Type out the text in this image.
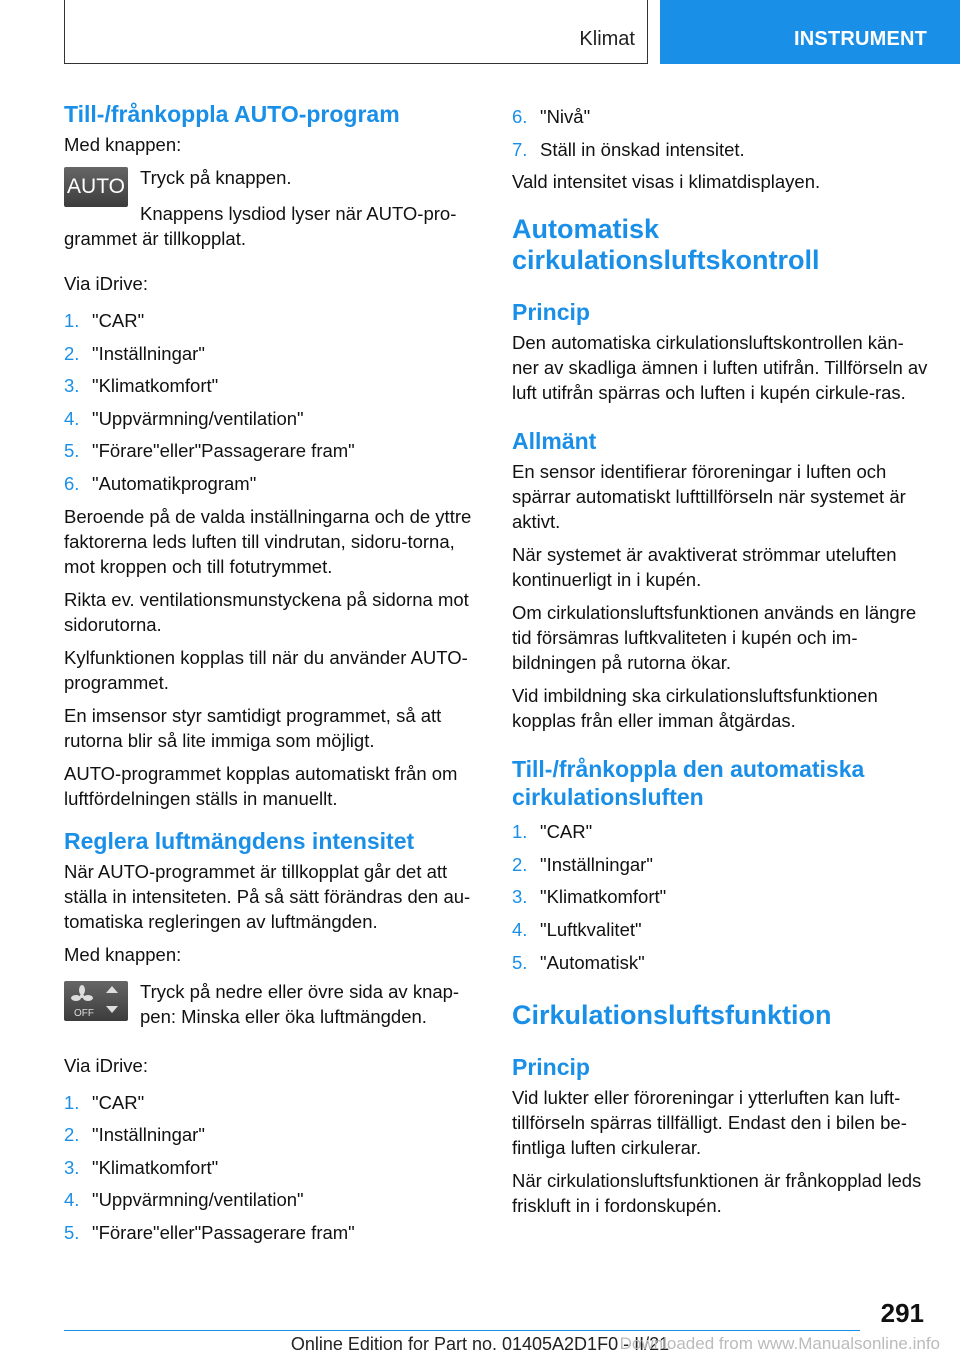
Klimat	INSTRUMENT
Till-/frånkoppla AUTO-program

Med knappen:

AUTO Tryck på knappen.

Knappens lysdiod lyser när AUTO-pro‐grammet är tillkopplat.

Via iDrive:

1. "CAR"
2. "Inställningar"
3. "Klimatkomfort"
4. "Uppvärmning/ventilation"
5. "Förare"eller"Passagerare fram"
6. "Automatikprogram"

Beroende på de valda inställningarna och de yttre faktorerna leds luften till vindrutan, sidoru‐torna, mot kroppen och till fotutrymmet.

Rikta ev. ventilationsmunstyckena på sidorna mot sidorutorna.

Kylfunktionen kopplas till när du använder AUTO-programmet.

En imsensor styr samtidigt programmet, så att rutorna blir så lite immiga som möjligt.

AUTO-programmet kopplas automatiskt från om luftfördelningen ställs in manuellt.

Reglera luftmängdens intensitet

När AUTO-programmet är tillkopplat går det att ställa in intensiteten. På så sätt förändras den au‐tomatiska regleringen av luftmängden.

Med knappen:

OFF

Tryck på nedre eller övre sida av knap‐pen: Minska eller öka luftmängden.

Via iDrive:

1. "CAR"
2. "Inställningar"
3. "Klimatkomfort"
4. "Uppvärmning/ventilation"
5. "Förare"eller"Passagerare fram"
6. "Nivå"
7. Ställ in önskad intensitet.

Vald intensitet visas i klimatdisplayen.

Automatisk cirkulationsluftskontroll
Princip

Den automatiska cirkulationsluftskontrollen kän‐ner av skadliga ämnen i luften utifrån. Tillförseln av luft utifrån spärras och luften i kupén cirkule‐ras.

Allmänt

En sensor identifierar föroreningar i luften och spärrar automatiskt lufttillförseln när systemet är aktivt.

När systemet är avaktiverat strömmar uteluften kontinuerligt in i kupén.

Om cirkulationsluftsfunktionen används en längre tid försämras luftkvaliteten i kupén och im‐bildningen på rutorna ökar.

Vid imbildning ska cirkulationsluftsfunktionen kopplas från eller imman åtgärdas.

Till-/frånkoppla den automatiska cirkulationsluften
1. "CAR"
2. "Inställningar"
3. "Klimatkomfort"
4. "Luftkvalitet"
5. "Automatisk"
Cirkulationsluftsfunktion
Princip

Vid lukter eller föroreningar i ytterluften kan luft‐tillförseln spärras tillfälligt. Endast den i bilen be‐fintliga luften cirkulerar.

När cirkulationsluftsfunktionen är frånkopplad leds friskluft in i fordonskupén.

291
Online Edition for Part no. 01405A2D1F0 - II/21
Downloaded from www.Manualsonline.info
